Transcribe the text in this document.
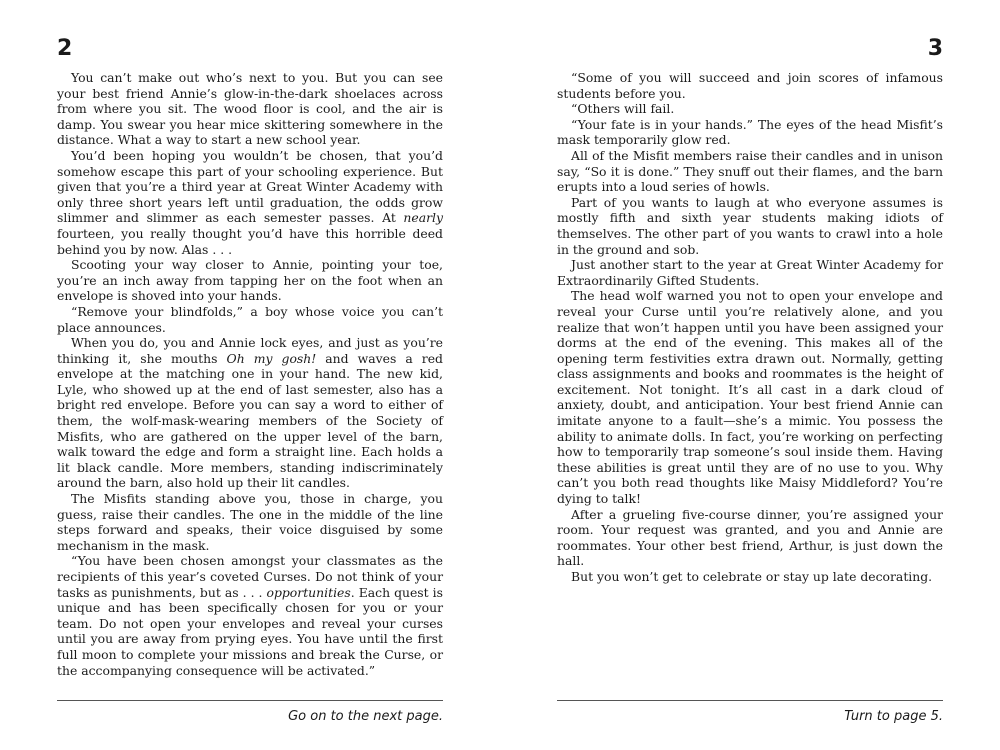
2

You can’t make out who’s next to you. But you can see your best friend Annie’s glow-in-the-dark shoelaces across from where you sit. The wood floor is cool, and the air is damp. You swear you hear mice skittering somewhere in the distance. What a way to start a new school year.

You’d been hoping you wouldn’t be chosen, that you’d somehow escape this part of your schooling experience. But given that you’re a third year at Great Winter Academy with only three short years left until graduation, the odds grow slimmer and slimmer as each semester passes. At nearly fourteen, you really thought you’d have this horrible deed behind you by now. Alas . . .

Scooting your way closer to Annie, pointing your toe, you’re an inch away from tapping her on the foot when an envelope is shoved into your hands.

“Remove your blindfolds,” a boy whose voice you can’t place announces.

When you do, you and Annie lock eyes, and just as you’re thinking it, she mouths Oh my gosh! and waves a red envelope at the matching one in your hand. The new kid, Lyle, who showed up at the end of last semester, also has a bright red envelope. Before you can say a word to either of them, the wolf-mask-wearing members of the Society of Misfits, who are gathered on the upper level of the barn, walk toward the edge and form a straight line. Each holds a lit black candle. More members, standing indiscriminately around the barn, also hold up their lit candles.

The Misfits standing above you, those in charge, you guess, raise their candles. The one in the middle of the line steps forward and speaks, their voice disguised by some mechanism in the mask.

“You have been chosen amongst your classmates as the recipients of this year’s coveted Curses. Do not think of your tasks as punishments, but as . . . opportunities. Each quest is unique and has been specifically chosen for you or your team. Do not open your envelopes and reveal your curses until you are away from prying eyes. You have until the first full moon to complete your missions and break the Curse, or the accompanying consequence will be activated.”

Go on to the next page.
3

“Some of you will succeed and join scores of infamous students before you.

“Others will fail.

“Your fate is in your hands.” The eyes of the head Misfit’s mask temporarily glow red.

All of the Misfit members raise their candles and in unison say, “So it is done.” They snuff out their flames, and the barn erupts into a loud series of howls.

Part of you wants to laugh at who everyone assumes is mostly fifth and sixth year students making idiots of themselves. The other part of you wants to crawl into a hole in the ground and sob.

Just another start to the year at Great Winter Academy for Extraordinarily Gifted Students.

The head wolf warned you not to open your envelope and reveal your Curse until you’re relatively alone, and you realize that won’t happen until you have been assigned your dorms at the end of the evening. This makes all of the opening term festivities extra drawn out. Normally, getting class assignments and books and roommates is the height of excitement. Not tonight. It’s all cast in a dark cloud of anxiety, doubt, and anticipation. Your best friend Annie can imitate anyone to a fault—she’s a mimic. You possess the ability to animate dolls. In fact, you’re working on perfecting how to temporarily trap someone’s soul inside them. Having these abilities is great until they are of no use to you. Why can’t you both read thoughts like Maisy Middleford? You’re dying to talk!

After a grueling five-course dinner, you’re assigned your room. Your request was granted, and you and Annie are roommates. Your other best friend, Arthur, is just down the hall.

But you won’t get to celebrate or stay up late decorating.

Turn to page 5.
